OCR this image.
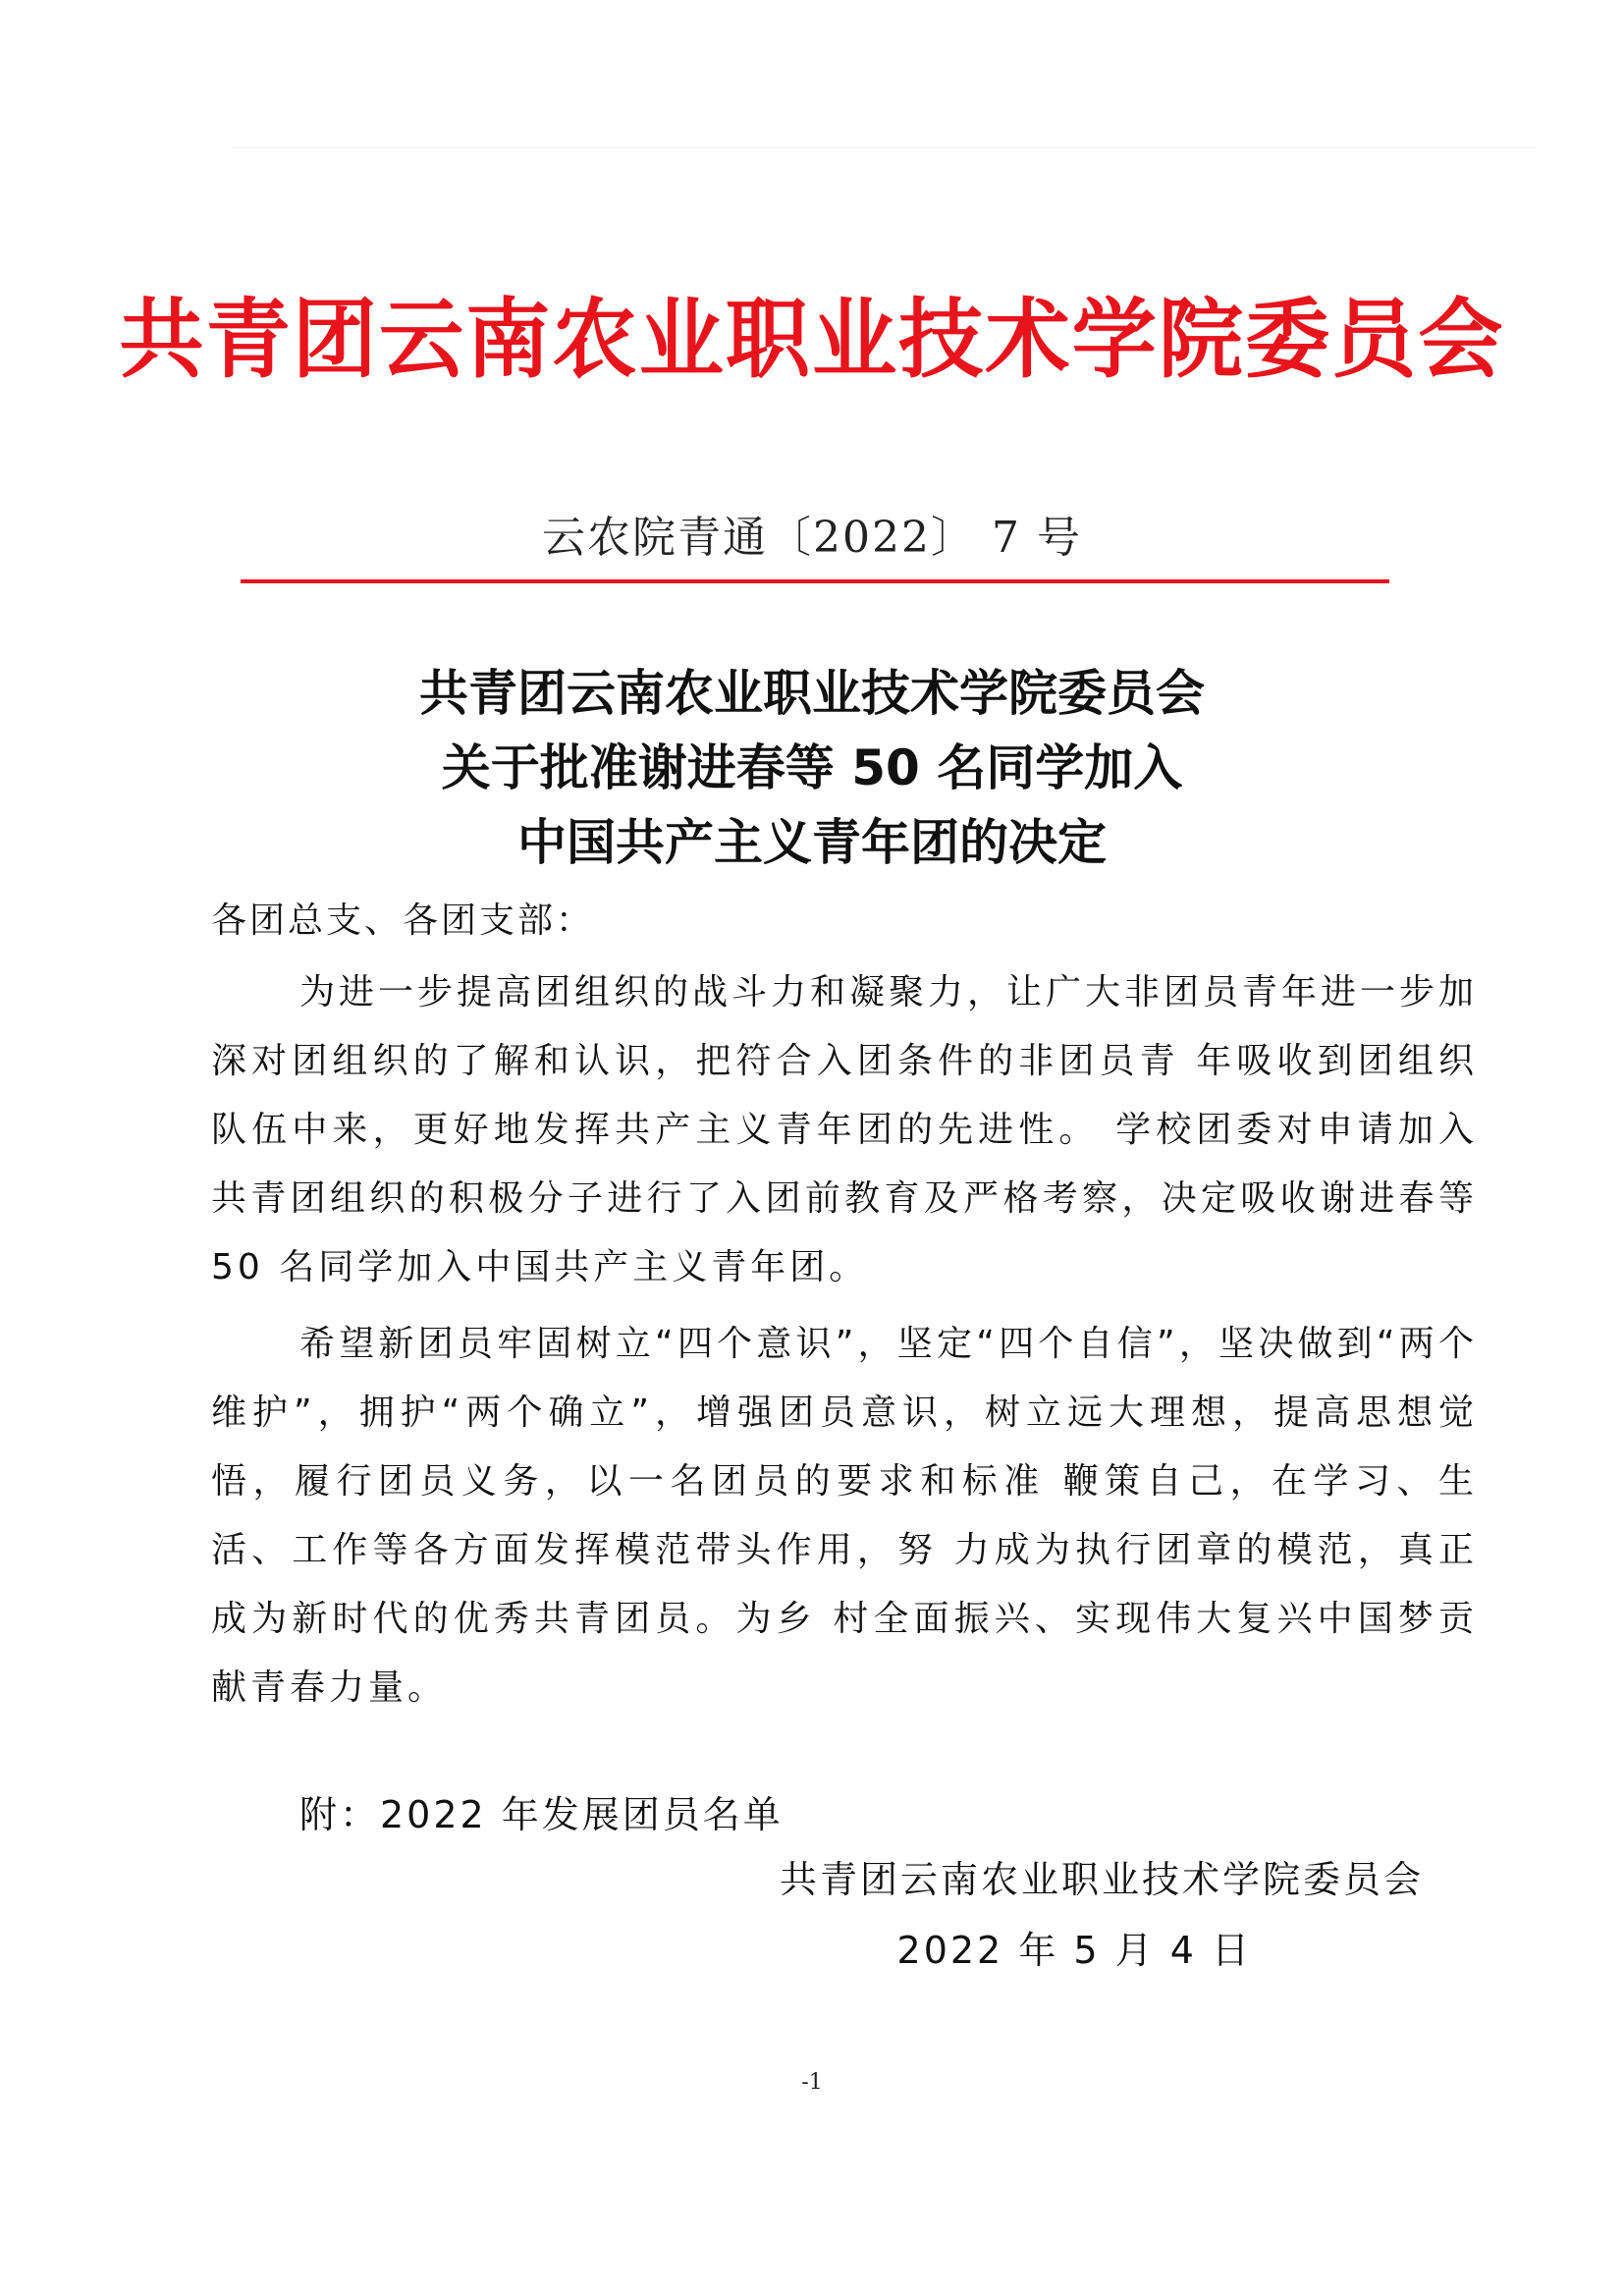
共青团云南农业职业技术学院委员会
云农院青通〔2022〕 7 号
共青团云南农业职业技术学院委员会
关于批准谢进春等 50 名同学加入
中国共产主义青年团的决定
各团总支、各团支部：
为进一步提高团组织的战斗力和凝聚力，让广大非团员青年进一步加深对团组织的了解和认识，把符合入团条件的非团员青 年吸收到团组织队伍中来，更好地发挥共产主义青年团的先进性。 学校团委对申请加入共青团组织的积极分子进行了入团前教育及严格考察，决定吸收谢进春等 50 名同学加入中国共产主义青年团。
希望新团员牢固树立“四个意识”，坚定“四个自信”，坚决做到“两个维护”，拥护“两个确立”，增强团员意识，树立远大理想，提高思想觉悟，履行团员义务，以一名团员的要求和标准 鞭策自己，在学习、生活、工作等各方面发挥模范带头作用，努 力成为执行团章的模范，真正成为新时代的优秀共青团员。为乡 村全面振兴、实现伟大复兴中国梦贡献青春力量。
附：2022 年发展团员名单
共青团云南农业职业技术学院委员会
2022 年 5 月 4 日
-1
